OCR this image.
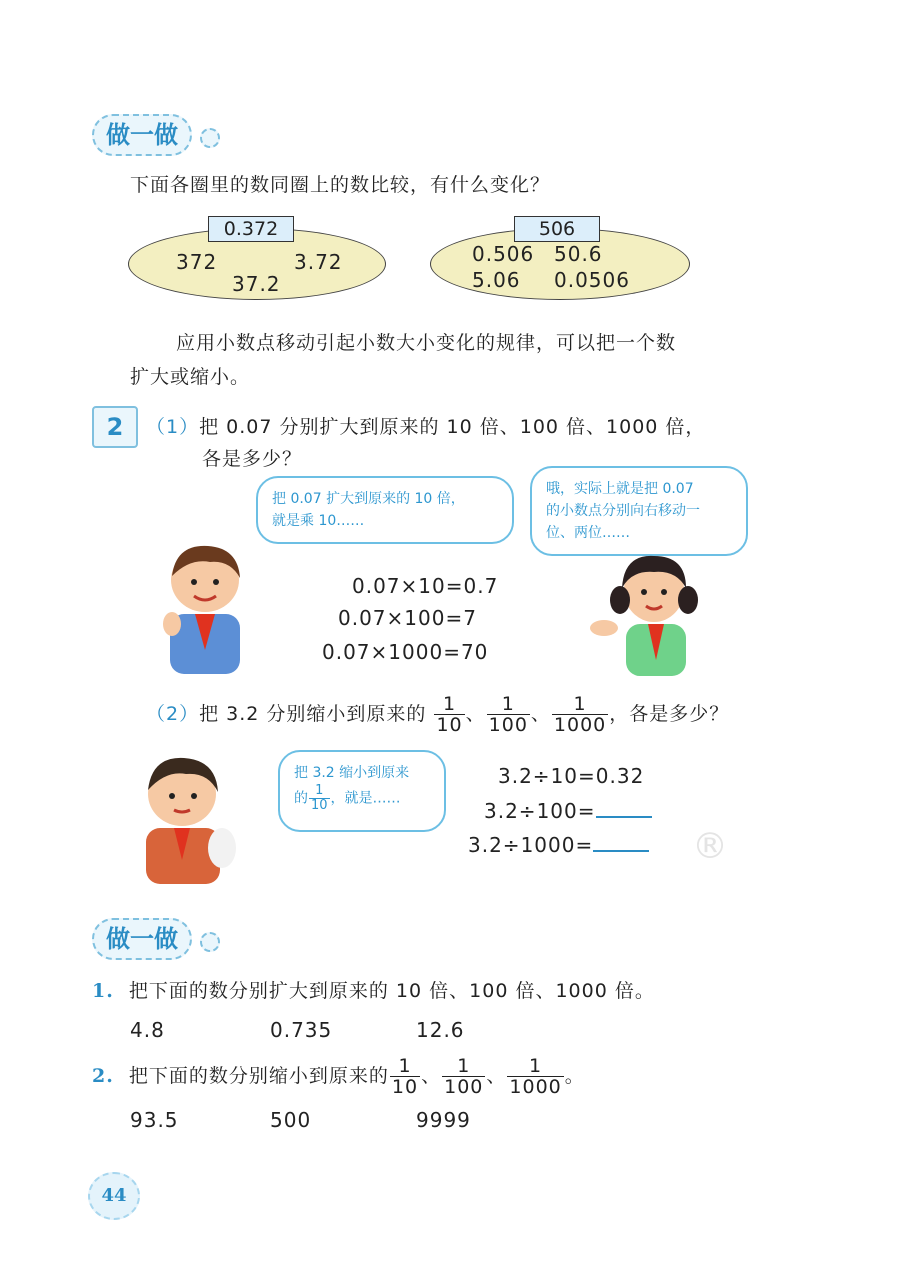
做一做
下面各圈里的数同圈上的数比较，有什么变化？
0.372
372	3.72
37.2
506
0.506 50.6
5.06 0.0506
应用小数点移动引起小数大小变化的规律，可以把一个数
扩大或缩小。
2	（1）把 0.07 分别扩大到原来的 10 倍、100 倍、1000 倍，
各是多少？
把 0.07 扩大到原来的 10 倍，
就是乘 10……
哦，实际上就是把 0.07
的小数点分别向右移动一
位、两位……
0.07×10=0.7
0.07×100=7
0.07×1000=70
（2）把 3.2 分别缩小到原来的 $\frac{1}{10}$ 、 $\frac{1}{100}$ 、 $\frac{1}{1000}$ ，各是多少？
把 3.2 缩小到原来
的 $\frac{1}{10}$ ，就是……
3.2÷10=0.32
3.2÷100=
3.2÷1000=	®
做一做
1. 把下面的数分别扩大到原来的 10 倍、100 倍、1000 倍。
4.8	0.735	12.6
2. 把下面的数分别缩小到原来的 $\frac{1}{10}$ 、 $\frac{1}{100}$ 、 $\frac{1}{1000}$ 。
93.5	500	9999
44
